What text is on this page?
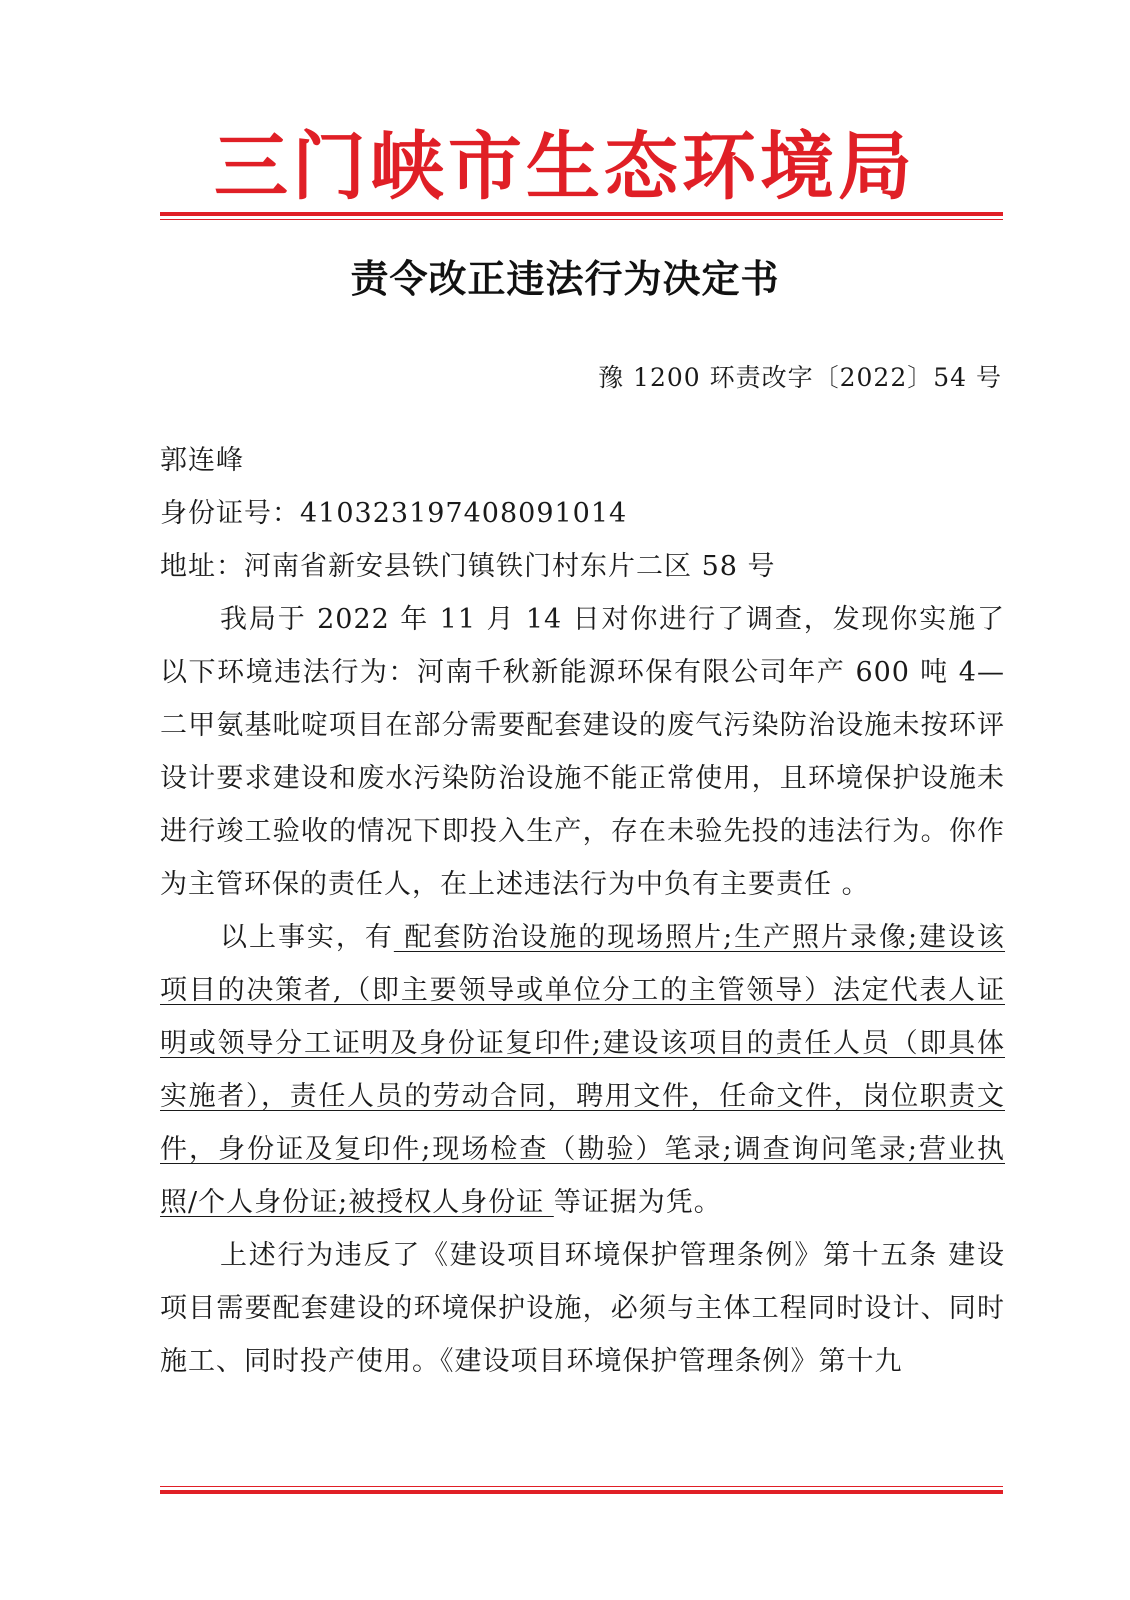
三门峡市生态环境局
责令改正违法行为决定书
豫 1200 环责改字〔2022〕54 号

郭连峰

身份证号：410323197408091014

地址：河南省新安县铁门镇铁门村东片二区 58 号

我局于 2022 年 11 月 14 日对你进行了调查，发现你实施了以下环境违法行为：河南千秋新能源环保有限公司年产 600 吨 4—二甲氨基吡啶项目在部分需要配套建设的废气污染防治设施未按环评设计要求建设和废水污染防治设施不能正常使用，且环境保护设施未进行竣工验收的情况下即投入生产，存在未验先投的违法行为。你作为主管环保的责任人，在上述违法行为中负有主要责任 。

以上事实，有 配套防治设施的现场照片;生产照片录像;建设该项目的决策者,（即主要领导或单位分工的主管领导）法定代表人证明或领导分工证明及身份证复印件;建设该项目的责任人员（即具体实施者），责任人员的劳动合同，聘用文件，任命文件，岗位职责文件，身份证及复印件;现场检查（勘验）笔录;调查询问笔录;营业执照/个人身份证;被授权人身份证 等证据为凭。

上述行为违反了《建设项目环境保护管理条例》第十五条 建设项目需要配套建设的环境保护设施，必须与主体工程同时设计、同时施工、同时投产使用。《建设项目环境保护管理条例》第十九
